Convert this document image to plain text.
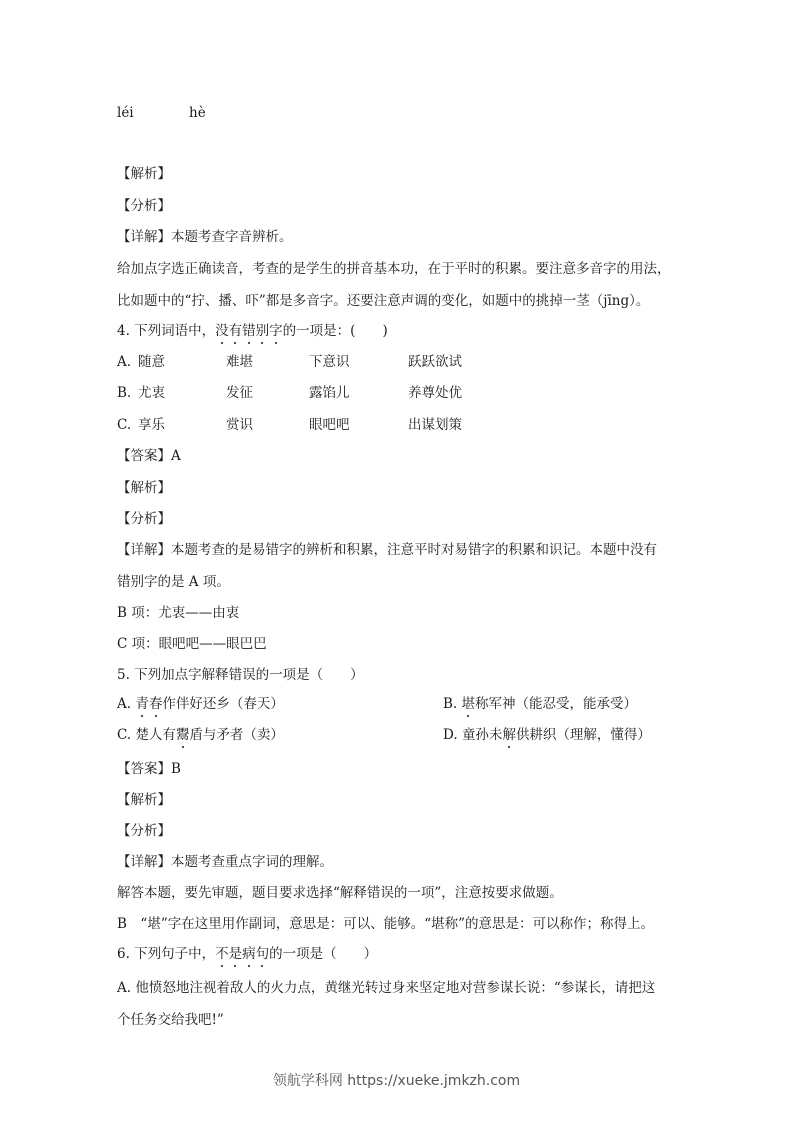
léi	hè
【解析】
【分析】
【详解】本题考查字音辨析。
给加点字选正确读音，考查的是学生的拼音基本功，在于平时的积累。要注意多音字的用法，
比如题中的“拧、播、吓”都是多音字。还要注意声调的变化，如题中的挑掉一茎（jīng）。
4. 下列词语中，没有错别字的一项是：(　　)
A. 随意	难堪	下意识	跃跃欲试
B. 尤衷	发征	露馅儿	养尊处优
C. 享乐	赏识	眼吧吧	出谋划策
【答案】A
【解析】
【分析】
【详解】本题考查的是易错字的辨析和积累，注意平时对易错字的积累和识记。本题中没有
错别字的是 A 项。
B 项：尤衷——由衷
C 项：眼吧吧——眼巴巴
5. 下列加点字解释错误的一项是（　　）
A. 青春作伴好还乡（春天）	B. 堪称军神（能忍受，能承受）
C. 楚人有鬻盾与矛者（卖）	D. 童孙未解供耕织（理解，懂得）
【答案】B
【解析】
【分析】
【详解】本题考查重点字词的理解。
解答本题，要先审题，题目要求选择“解释错误的一项”，注意按要求做题。
B　“堪”字在这里用作副词，意思是：可以、能够。“堪称”的意思是：可以称作；称得上。
6. 下列句子中，不是病句的一项是（　　）
A. 他愤怒地注视着敌人的火力点，黄继光转过身来坚定地对营参谋长说：“参谋长，请把这
个任务交给我吧!”
领航学科网 https://xueke.jmkzh.com
